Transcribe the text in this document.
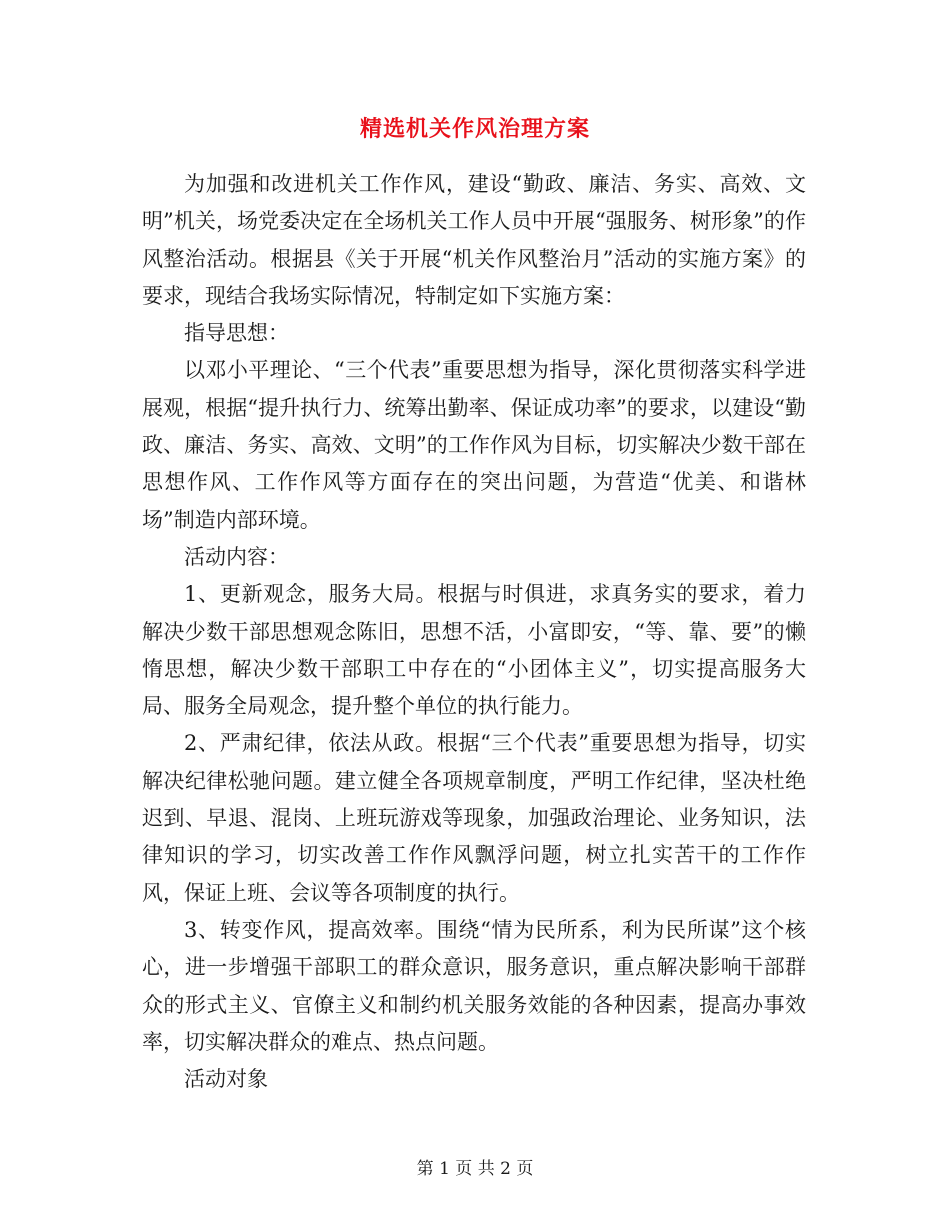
精选机关作风治理方案

为加强和改进机关工作作风，建设“勤政、廉洁、务实、高效、文明”机关，场党委决定在全场机关工作人员中开展“强服务、树形象”的作风整治活动。根据县《关于开展“机关作风整治月”活动的实施方案》的要求，现结合我场实际情况，特制定如下实施方案：

指导思想：

以邓小平理论、“三个代表”重要思想为指导，深化贯彻落实科学进展观，根据“提升执行力、统筹出勤率、保证成功率”的要求，以建设“勤政、廉洁、务实、高效、文明”的工作作风为目标，切实解决少数干部在思想作风、工作作风等方面存在的突出问题，为营造“优美、和谐林场”制造内部环境。

活动内容：

1、更新观念，服务大局。根据与时俱进，求真务实的要求，着力解决少数干部思想观念陈旧，思想不活，小富即安，“等、靠、要”的懒惰思想，解决少数干部职工中存在的“小团体主义”，切实提高服务大局、服务全局观念，提升整个单位的执行能力。

2、严肃纪律，依法从政。根据“三个代表”重要思想为指导，切实解决纪律松驰问题。建立健全各项规章制度，严明工作纪律，坚决杜绝迟到、早退、混岗、上班玩游戏等现象，加强政治理论、业务知识，法律知识的学习，切实改善工作作风飘浮问题，树立扎实苦干的工作作风，保证上班、会议等各项制度的执行。

3、转变作风，提高效率。围绕“情为民所系，利为民所谋”这个核心，进一步增强干部职工的群众意识，服务意识，重点解决影响干部群众的形式主义、官僚主义和制约机关服务效能的各种因素，提高办事效率，切实解决群众的难点、热点问题。

活动对象

第 1 页 共 2 页
